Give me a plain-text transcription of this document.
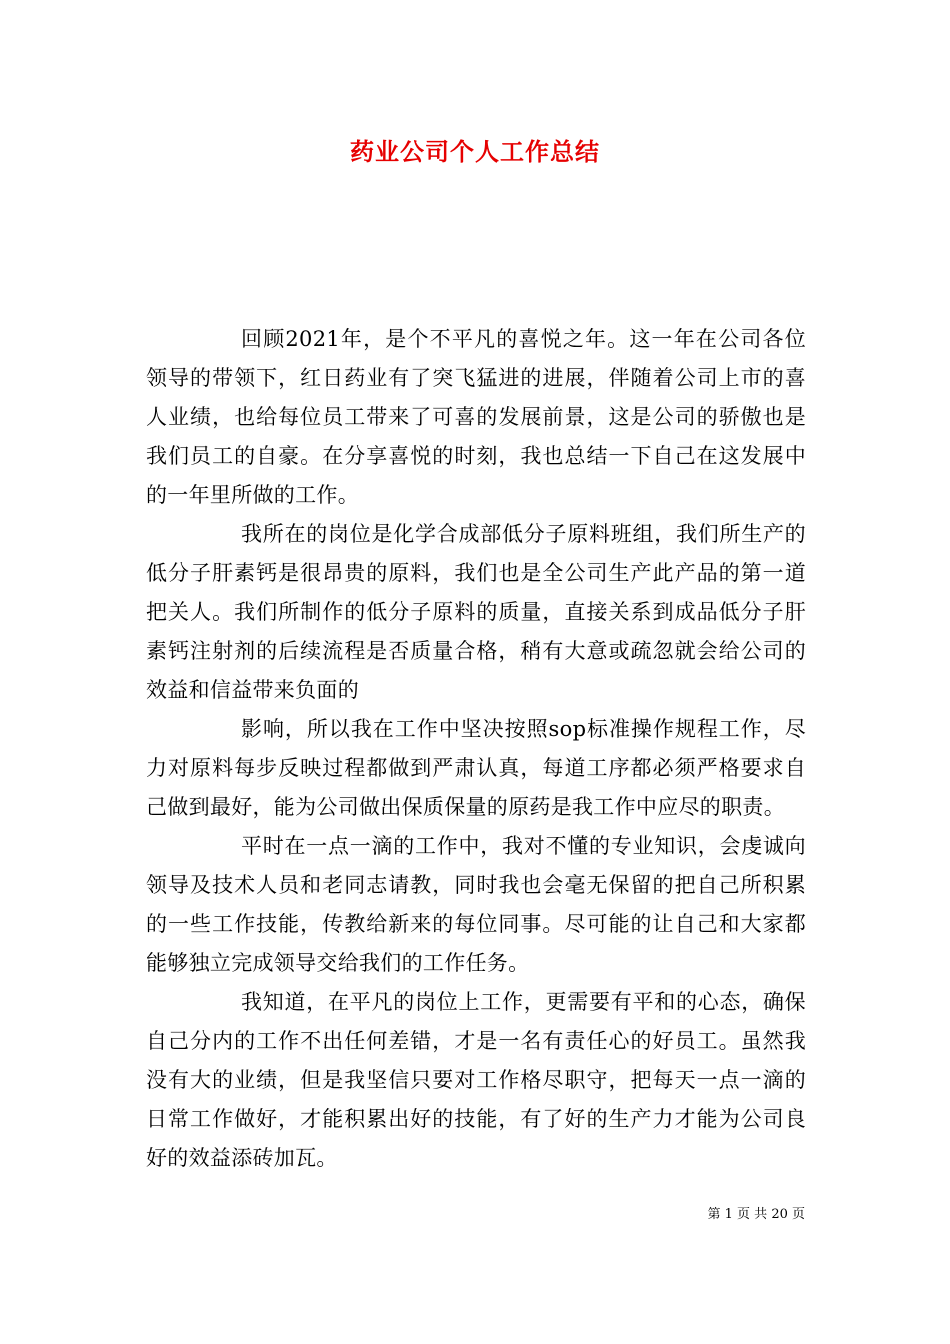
药业公司个人工作总结

回顾2021年，是个不平凡的喜悦之年。这一年在公司各位领导的带领下，红日药业有了突飞猛进的进展，伴随着公司上市的喜人业绩，也给每位员工带来了可喜的发展前景，这是公司的骄傲也是我们员工的自豪。在分享喜悦的时刻，我也总结一下自己在这发展中的一年里所做的工作。

我所在的岗位是化学合成部低分子原料班组，我们所生产的低分子肝素钙是很昂贵的原料，我们也是全公司生产此产品的第一道把关人。我们所制作的低分子原料的质量，直接关系到成品低分子肝素钙注射剂的后续流程是否质量合格，稍有大意或疏忽就会给公司的效益和信益带来负面的

影响，所以我在工作中坚决按照sop标准操作规程工作，尽力对原料每步反映过程都做到严肃认真，每道工序都必须严格要求自己做到最好，能为公司做出保质保量的原药是我工作中应尽的职责。

平时在一点一滴的工作中，我对不懂的专业知识，会虔诚向领导及技术人员和老同志请教，同时我也会毫无保留的把自己所积累的一些工作技能，传教给新来的每位同事。尽可能的让自己和大家都能够独立完成领导交给我们的工作任务。

我知道，在平凡的岗位上工作，更需要有平和的心态，确保自己分内的工作不出任何差错，才是一名有责任心的好员工。虽然我没有大的业绩，但是我坚信只要对工作格尽职守，把每天一点一滴的日常工作做好，才能积累出好的技能，有了好的生产力才能为公司良好的效益添砖加瓦。

第 1 页 共 20 页
